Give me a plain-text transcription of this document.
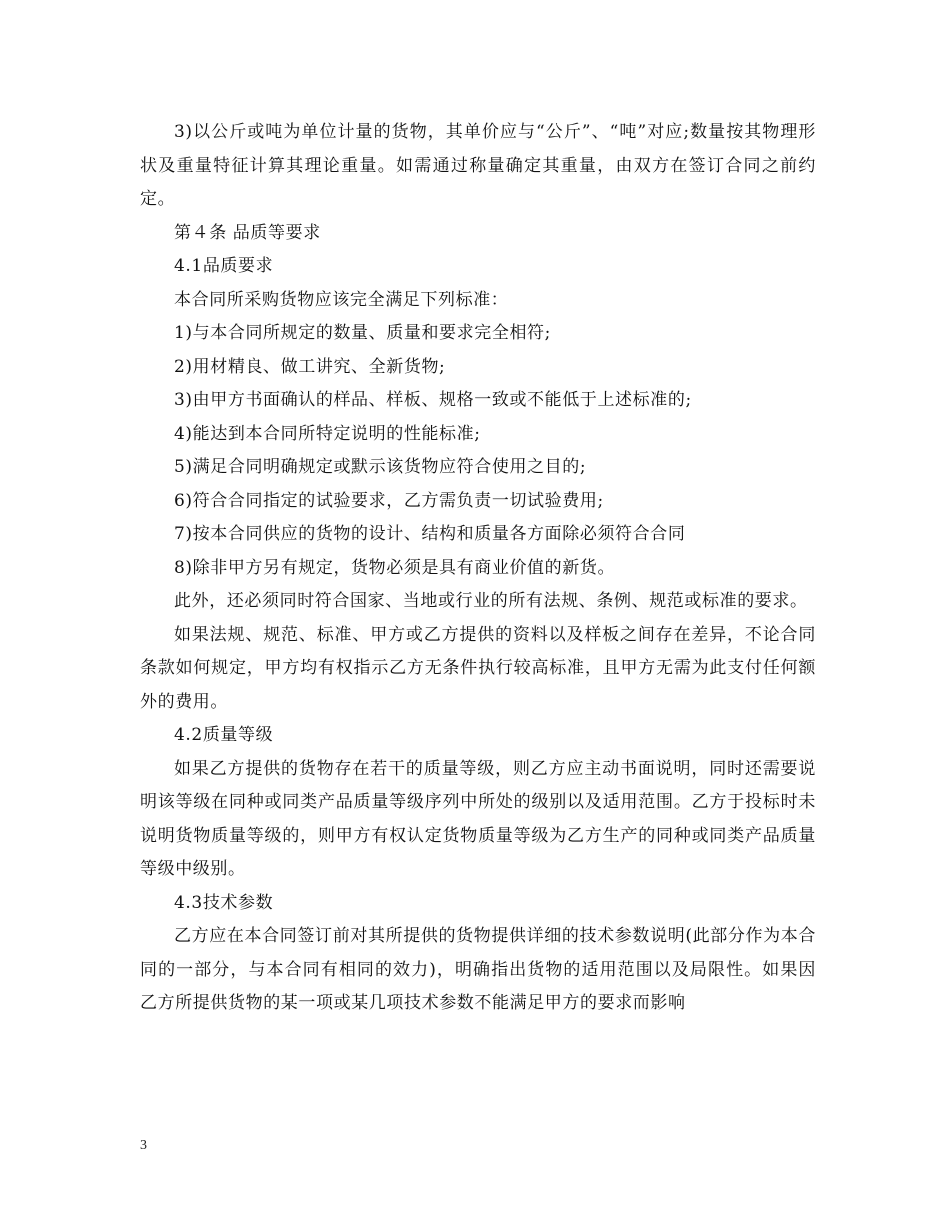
3)以公斤或吨为单位计量的货物，其单价应与“公斤”、“吨”对应;数量按其物理形状及重量特征计算其理论重量。如需通过称量确定其重量，由双方在签订合同之前约定。

第４条 品质等要求

4.1品质要求

本合同所采购货物应该完全满足下列标准：

1)与本合同所规定的数量、质量和要求完全相符;

2)用材精良、做工讲究、全新货物;

3)由甲方书面确认的样品、样板、规格一致或不能低于上述标准的;

4)能达到本合同所特定说明的性能标准;

5)满足合同明确规定或默示该货物应符合使用之目的;

6)符合合同指定的试验要求，乙方需负责一切试验费用;

7)按本合同供应的货物的设计、结构和质量各方面除必须符合合同

8)除非甲方另有规定，货物必须是具有商业价值的新货。

此外，还必须同时符合国家、当地或行业的所有法规、条例、规范或标准的要求。

如果法规、规范、标准、甲方或乙方提供的资料以及样板之间存在差异，不论合同条款如何规定，甲方均有权指示乙方无条件执行较高标准，且甲方无需为此支付任何额外的费用。

4.2质量等级

如果乙方提供的货物存在若干的质量等级，则乙方应主动书面说明，同时还需要说明该等级在同种或同类产品质量等级序列中所处的级别以及适用范围。乙方于投标时未说明货物质量等级的，则甲方有权认定货物质量等级为乙方生产的同种或同类产品质量等级中级别。

4.3技术参数

乙方应在本合同签订前对其所提供的货物提供详细的技术参数说明(此部分作为本合同的一部分，与本合同有相同的效力)，明确指出货物的适用范围以及局限性。如果因乙方所提供货物的某一项或某几项技术参数不能满足甲方的要求而影响

3
